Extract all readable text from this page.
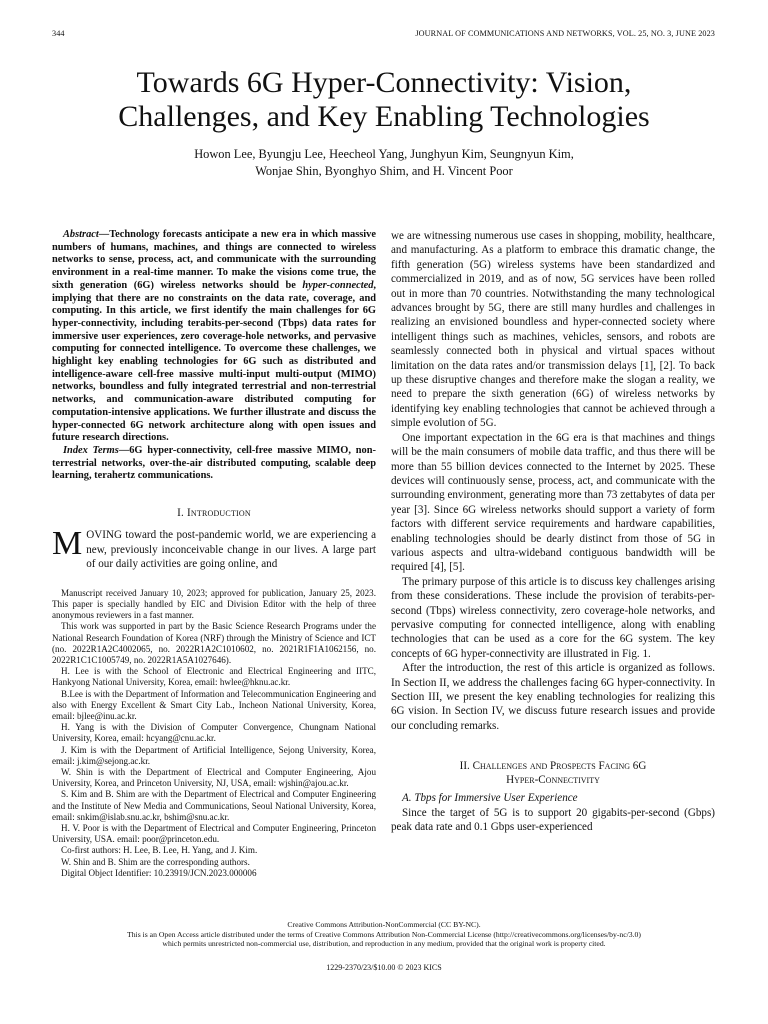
344	JOURNAL OF COMMUNICATIONS AND NETWORKS, VOL. 25, NO. 3, JUNE 2023
Towards 6G Hyper-Connectivity: Vision,
Challenges, and Key Enabling Technologies
Howon Lee, Byungju Lee, Heecheol Yang, Junghyun Kim, Seungnyun Kim,
Wonjae Shin, Byonghyo Shim, and H. Vincent Poor

Abstract—Technology forecasts anticipate a new era in which massive numbers of humans, machines, and things are connected to wireless networks to sense, process, act, and communicate with the surrounding environment in a real-time manner. To make the visions come true, the sixth generation (6G) wireless networks should be hyper-connected, implying that there are no constraints on the data rate, coverage, and computing. In this article, we first identify the main challenges for 6G hyper-connectivity, including terabits-per-second (Tbps) data rates for immersive user experiences, zero coverage-hole networks, and pervasive computing for connected intelligence. To overcome these challenges, we highlight key enabling technologies for 6G such as distributed and intelligence-aware cell-free massive multi-input multi-output (MIMO) networks, boundless and fully integrated terrestrial and non-terrestrial networks, and communication-aware distributed computing for computation-intensive applications. We further illustrate and discuss the hyper-connected 6G network architecture along with open issues and future research directions.

Index Terms—6G hyper-connectivity, cell-free massive MIMO, non-terrestrial networks, over-the-air distributed computing, scalable deep learning, terahertz communications.

I. Introduction

MOVING toward the post-pandemic world, we are experiencing a new, previously inconceivable change in our lives. A large part of our daily activities are going online, and

Manuscript received January 10, 2023; approved for publication, January 25, 2023. This paper is specially handled by EIC and Division Editor with the help of three anonymous reviewers in a fast manner.

This work was supported in part by the Basic Science Research Programs under the National Research Foundation of Korea (NRF) through the Ministry of Science and ICT (no. 2022R1A2C4002065, no. 2022R1A2C1010602, no. 2021R1F1A1062156, no. 2022R1C1C1005749, no. 2022R1A5A1027646).

H. Lee is with the School of Electronic and Electrical Engineering and IITC, Hankyong National University, Korea, email: hwlee@hknu.ac.kr.

B.Lee is with the Department of Information and Telecommunication Engineering and also with Energy Excellent & Smart City Lab., Incheon National University, Korea, email: bjlee@inu.ac.kr.

H. Yang is with the Division of Computer Convergence, Chungnam National University, Korea, email: hcyang@cnu.ac.kr.

J. Kim is with the Department of Artificial Intelligence, Sejong University, Korea, email: j.kim@sejong.ac.kr.

W. Shin is with the Department of Electrical and Computer Engineering, Ajou University, Korea, and Princeton University, NJ, USA, email: wjshin@ajou.ac.kr.

S. Kim and B. Shim are with the Department of Electrical and Computer Engineering and the Institute of New Media and Communications, Seoul National University, Korea, email: snkim@islab.snu.ac.kr, bshim@snu.ac.kr.

H. V. Poor is with the Department of Electrical and Computer Engineering, Princeton University, USA. email: poor@princeton.edu.

Co-first authors: H. Lee, B. Lee, H. Yang, and J. Kim.

W. Shin and B. Shim are the corresponding authors.

Digital Object Identifier: 10.23919/JCN.2023.000006

we are witnessing numerous use cases in shopping, mobility, healthcare, and manufacturing. As a platform to embrace this dramatic change, the fifth generation (5G) wireless systems have been standardized and commercialized in 2019, and as of now, 5G services have been rolled out in more than 70 countries. Notwithstanding the many technological advances brought by 5G, there are still many hurdles and challenges in realizing an envisioned boundless and hyper-connected society where intelligent things such as machines, vehicles, sensors, and robots are seamlessly connected both in physical and virtual spaces without limitation on the data rates and/or transmission delays [1], [2]. To back up these disruptive changes and therefore make the slogan a reality, we need to prepare the sixth generation (6G) of wireless networks by identifying key enabling technologies that cannot be achieved through a simple evolution of 5G.

One important expectation in the 6G era is that machines and things will be the main consumers of mobile data traffic, and thus there will be more than 55 billion devices connected to the Internet by 2025. These devices will continuously sense, process, act, and communicate with the surrounding environment, generating more than 73 zettabytes of data per year [3]. Since 6G wireless networks should support a variety of form factors with different service requirements and hardware capabilities, enabling technologies should be dearly distinct from those of 5G in various aspects and ultra-wideband contiguous bandwidth will be required [4], [5].

The primary purpose of this article is to discuss key challenges arising from these considerations. These include the provision of terabits-per-second (Tbps) wireless connectivity, zero coverage-hole networks, and pervasive computing for connected intelligence, along with enabling technologies that can be used as a core for the 6G system. The key concepts of 6G hyper-connectivity are illustrated in Fig. 1.

After the introduction, the rest of this article is organized as follows. In Section II, we address the challenges facing 6G hyper-connectivity. In Section III, we present the key enabling technologies for realizing this 6G vision. In Section IV, we discuss future research issues and provide our concluding remarks.

II. Challenges and Prospects Facing 6G
Hyper-Connectivity

A. Tbps for Immersive User Experience

Since the target of 5G is to support 20 gigabits-per-second (Gbps) peak data rate and 0.1 Gbps user-experienced

Creative Commons Attribution-NonCommercial (CC BY-NC).
This is an Open Access article distributed under the terms of Creative Commons Attribution Non-Commercial License (http://creativecommons.org/licenses/by-nc/3.0)
which permits unrestricted non-commercial use, distribution, and reproduction in any medium, provided that the original work is property cited.
1229-2370/23/$10.00 © 2023 KICS
